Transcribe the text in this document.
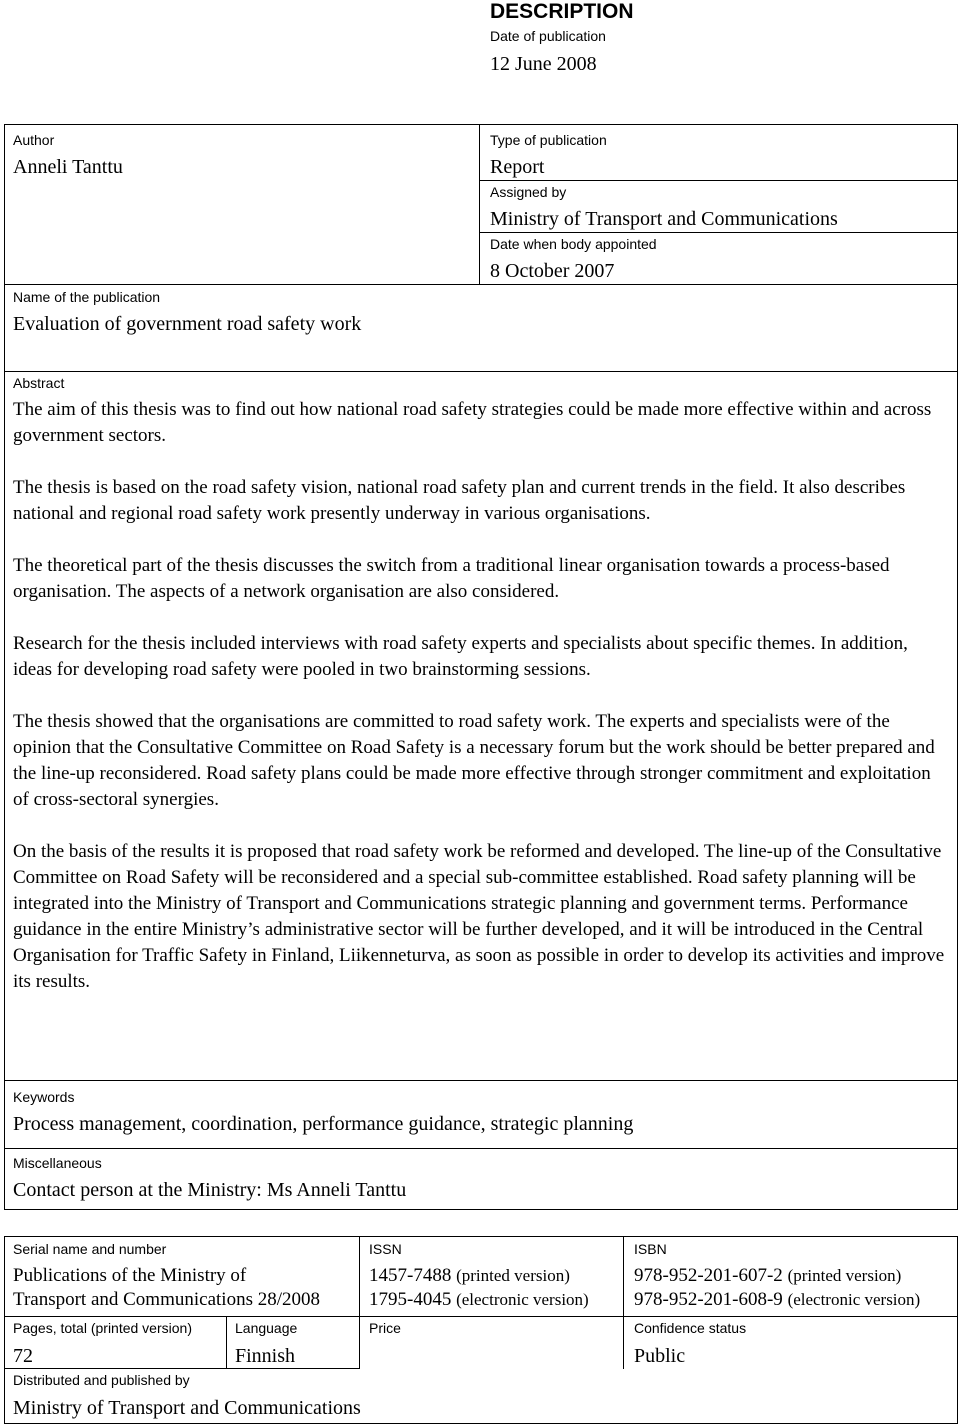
DESCRIPTION
Date of publication
12 June 2008
Author
Anneli Tanttu
Name of the publication
Evaluation of government road safety work
Type of publication
Report
Assigned by
Ministry of Transport and Communications
Date when body appointed
8 October 2007
Abstract

The aim of this thesis was to find out how national road safety strategies could be made more effective within and across government sectors.

The thesis is based on the road safety vision, national road safety plan and current trends in the field. It also describes national and regional road safety work presently underway in various organisations.

The theoretical part of the thesis discusses the switch from a traditional linear organisation towards a process-based organisation. The aspects of a network organisation are also considered.

Research for the thesis included interviews with road safety experts and specialists about specific themes. In addition, ideas for developing road safety were pooled in two brainstorming sessions.

The thesis showed that the organisations are committed to road safety work. The experts and specialists were of the opinion that the Consultative Committee on Road Safety is a necessary forum but the work should be better prepared and the line-up reconsidered. Road safety plans could be made more effective through stronger commitment and exploitation of cross-sectoral synergies.

On the basis of the results it is proposed that road safety work be reformed and developed. The line-up of the Consultative Committee on Road Safety will be reconsidered and a special sub-committee established. Road safety planning will be integrated into the Ministry of Transport and Communications strategic planning and government terms. Performance guidance in the entire Ministry’s administrative sector will be further developed, and it will be introduced in the Central Organisation for Traffic Safety in Finland, Liikenneturva, as soon as possible in order to develop its activities and improve its results.

Keywords
Process management, coordination, performance guidance, strategic planning
Miscellaneous
Contact person at the Ministry: Ms Anneli Tanttu
Serial name and number
Publications of the Ministry of
Transport and Communications 28/2008
ISSN
1457-7488 (printed version)
1795-4045 (electronic version)
ISBN
978-952-201-607-2 (printed version)
978-952-201-608-9 (electronic version)
Pages, total (printed version)
72
Language
Finnish
Price	Confidence status
Public
Distributed and published by
Ministry of Transport and Communications
